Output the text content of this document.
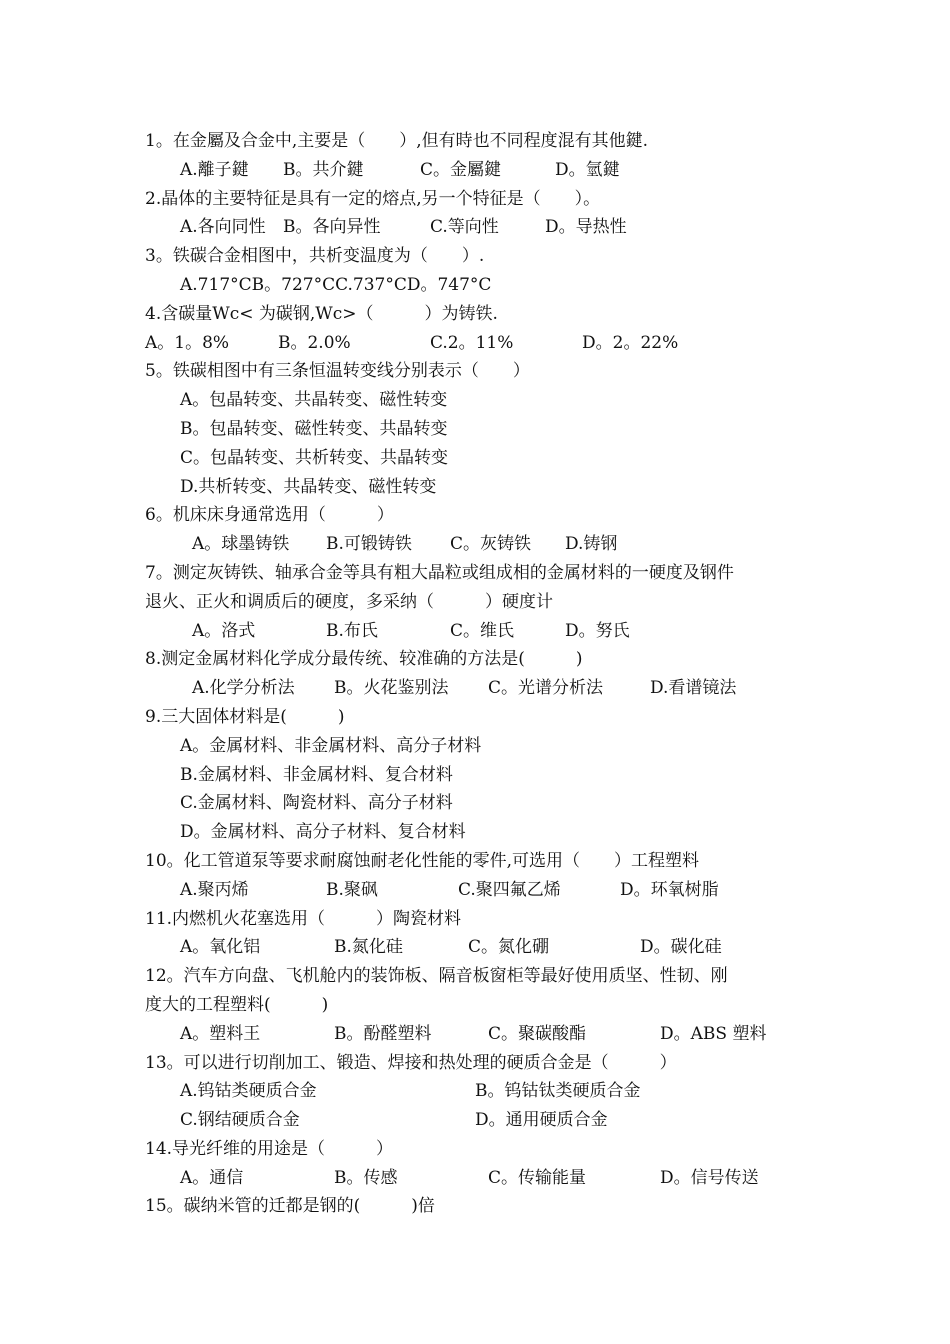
1。在金屬及合金中,主要是（　　）,但有時也不同程度混有其他鍵.
A.離子鍵 B。共介鍵	C。金屬鍵	D。氫鍵
2.晶体的主要特征是具有一定的熔点,另一个特征是（　　）。
A.各向同性 B。各向异性	C.等向性	D。导热性
3。铁碳合金相图中，共析变温度为（　　）.
A.717°CB。727°CC.737°CD。747°C
4.含碳量Wc< 为碳钢,Wc>（　　　）为铸铁.
A。1。8%	B。2.0%	C.2。11%	D。2。22%
5。铁碳相图中有三条恒温转变线分别表示（　　）
A。包晶转变、共晶转变、磁性转变
B。包晶转变、磁性转变、共晶转变
C。包晶转变、共析转变、共晶转变
D.共析转变、共晶转变、磁性转变
6。机床床身通常选用（　　　）
A。球墨铸铁 B.可锻铸铁 C。灰铸铁 D.铸钢
7。测定灰铸铁、轴承合金等具有粗大晶粒或组成相的金属材料的一硬度及钢件
退火、正火和调质后的硬度，多采纳（　　　）硬度计
A。洛式	B.布氏	C。维氏	D。努氏
8.测定金属材料化学成分最传统、较准确的方法是(　　　)
A.化学分析法 B。火花鉴别法 C。光谱分析法	D.看谱镜法
9.三大固体材料是(　　　)
A。金属材料、非金属材料、高分子材料
B.金属材料、非金属材料、复合材料
C.金属材料、陶瓷材料、高分子材料
D。金属材料、高分子材料、复合材料
10。化工管道泵等要求耐腐蚀耐老化性能的零件,可选用（　　）工程塑料
A.聚丙烯	B.聚砜	C.聚四氟乙烯	D。环氧树脂
11.内燃机火花塞选用（　　　）陶瓷材料
A。氧化铝	B.氮化硅	C。氮化硼	D。碳化硅
12。汽车方向盘、飞机舱内的装饰板、隔音板窗柜等最好使用质坚、性韧、刚
度大的工程塑料(　　　)
A。塑料王	B。酚醛塑料	C。聚碳酸酯	D。ABS 塑料
13。可以进行切削加工、锻造、焊接和热处理的硬质合金是（　　　）
A.钨钴类硬质合金	B。钨钴钛类硬质合金
C.钢结硬质合金	D。通用硬质合金
14.导光纤维的用途是（　　　）
A。通信	B。传感	C。传输能量	D。信号传送
15。碳纳米管的迁都是钢的(　　　)倍
